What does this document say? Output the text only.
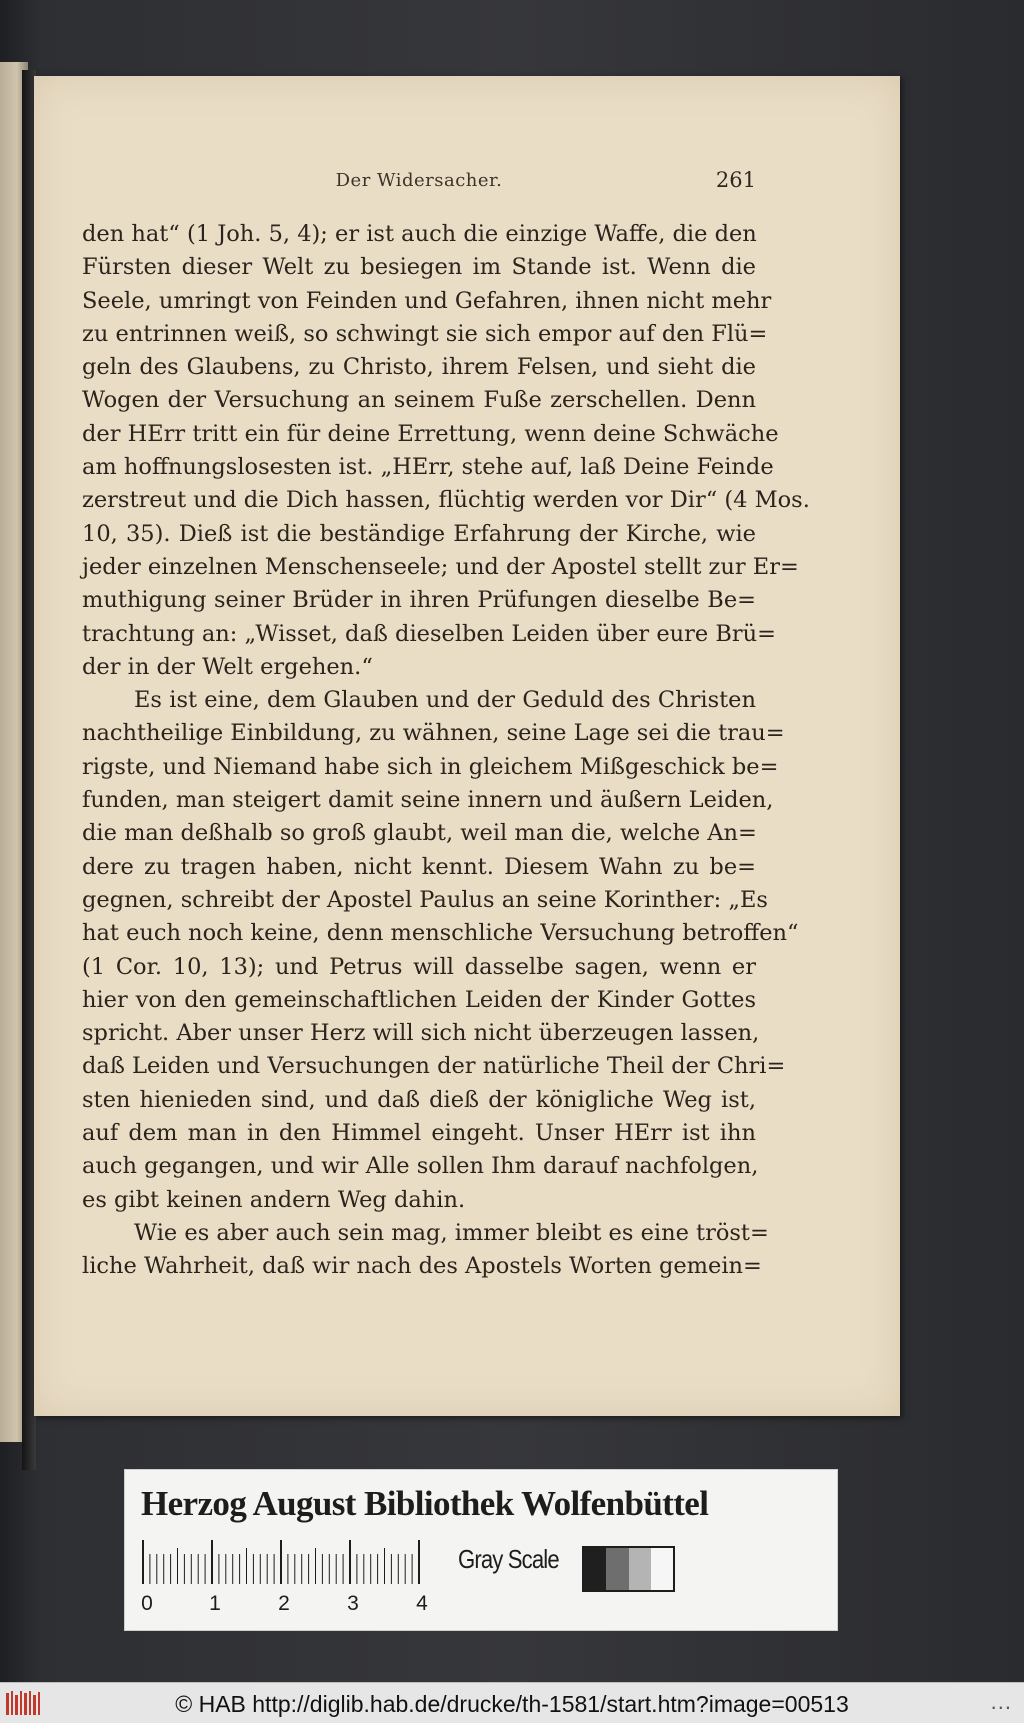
Der Widersacher.	261
den hat“ (1 Joh. 5, 4); er ist auch die einzige Waffe, die den
Fürsten dieser Welt zu besiegen im Stande ist. Wenn die
Seele, umringt von Feinden und Gefahren, ihnen nicht mehr
zu entrinnen weiß, so schwingt sie sich empor auf den Flü=
geln des Glaubens, zu Christo, ihrem Felsen, und sieht die
Wogen der Versuchung an seinem Fuße zerschellen. Denn
der HErr tritt ein für deine Errettung, wenn deine Schwäche
am hoffnungslosesten ist. „HErr, stehe auf, laß Deine Feinde
zerstreut und die Dich hassen, flüchtig werden vor Dir“ (4 Mos.
10, 35). Dieß ist die beständige Erfahrung der Kirche, wie
jeder einzelnen Menschenseele; und der Apostel stellt zur Er=
muthigung seiner Brüder in ihren Prüfungen dieselbe Be=
trachtung an: „Wisset, daß dieselben Leiden über eure Brü=
der in der Welt ergehen.“
Es ist eine, dem Glauben und der Geduld des Christen
nachtheilige Einbildung, zu wähnen, seine Lage sei die trau=
rigste, und Niemand habe sich in gleichem Mißgeschick be=
funden, man steigert damit seine innern und äußern Leiden,
die man deßhalb so groß glaubt, weil man die, welche An=
dere zu tragen haben, nicht kennt. Diesem Wahn zu be=
gegnen, schreibt der Apostel Paulus an seine Korinther: „Es
hat euch noch keine, denn menschliche Versuchung betroffen“
(1 Cor. 10, 13); und Petrus will dasselbe sagen, wenn er
hier von den gemeinschaftlichen Leiden der Kinder Gottes
spricht. Aber unser Herz will sich nicht überzeugen lassen,
daß Leiden und Versuchungen der natürliche Theil der Chri=
sten hienieden sind, und daß dieß der königliche Weg ist,
auf dem man in den Himmel eingeht. Unser HErr ist ihn
auch gegangen, und wir Alle sollen Ihm darauf nachfolgen,
es gibt keinen andern Weg dahin.
Wie es aber auch sein mag, immer bleibt es eine tröst=
liche Wahrheit, daß wir nach des Apostels Worten gemein=
Herzog August Bibliothek Wolfenbüttel
0	1	2	3	4
Gray Scale
© HAB http://diglib.hab.de/drucke/th-1581/start.htm?image=00513	...
